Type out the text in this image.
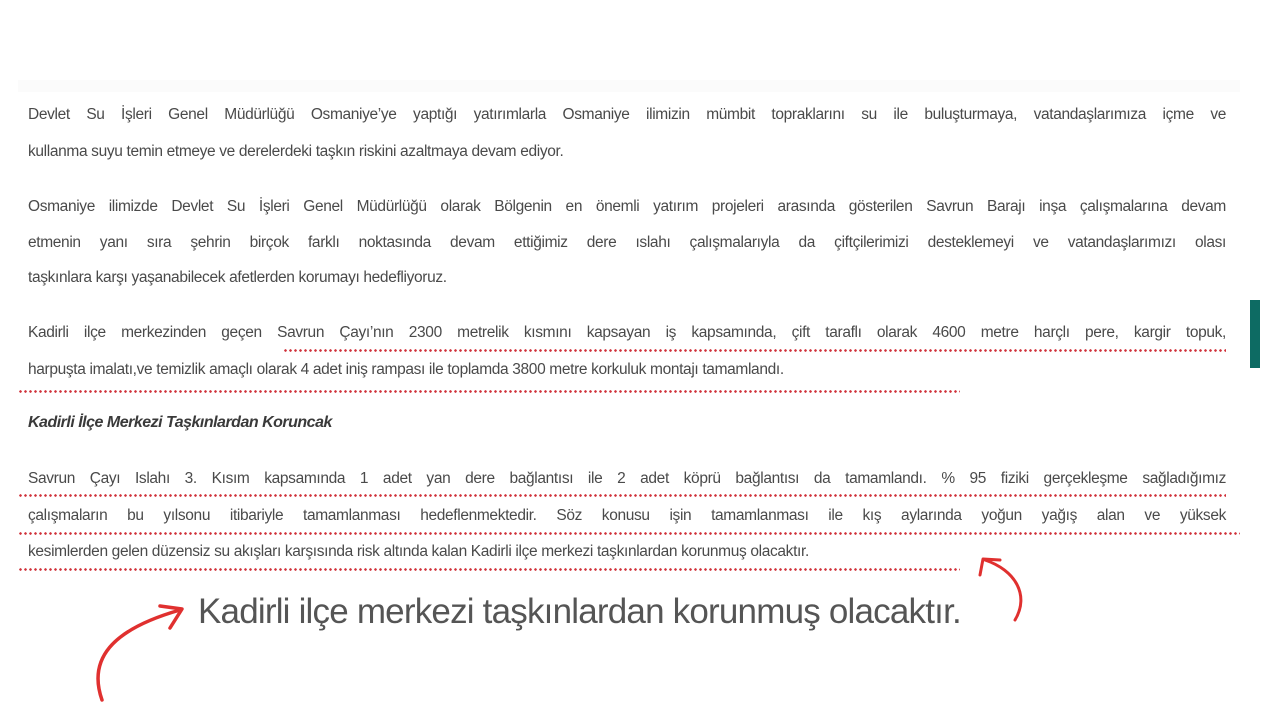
Devlet Su İşleri Genel Müdürlüğü Osmaniye’ye yaptığı yatırımlarla Osmaniye ilimizin mümbit topraklarını su ile buluşturmaya, vatandaşlarımıza içme ve
kullanma suyu temin etmeye ve derelerdeki taşkın riskini azaltmaya devam ediyor.
Osmaniye ilimizde Devlet Su İşleri Genel Müdürlüğü olarak Bölgenin en önemli yatırım projeleri arasında gösterilen Savrun Barajı inşa çalışmalarına devam
etmenin yanı sıra şehrin birçok farklı noktasında devam ettiğimiz dere ıslahı çalışmalarıyla da çiftçilerimizi desteklemeyi ve vatandaşlarımızı olası
taşkınlara karşı yaşanabilecek afetlerden korumayı hedefliyoruz.
Kadirli ilçe merkezinden geçen Savrun Çayı’nın 2300 metrelik kısmını kapsayan iş kapsamında, çift taraflı olarak 4600 metre harçlı pere, kargir topuk,
harpuşta imalatı,ve temizlik amaçlı olarak 4 adet iniş rampası ile toplamda 3800 metre korkuluk montajı tamamlandı.
Kadirli İlçe Merkezi Taşkınlardan Koruncak
Savrun Çayı Islahı 3. Kısım kapsamında 1 adet yan dere bağlantısı ile 2 adet köprü bağlantısı da tamamlandı. % 95 fiziki gerçekleşme sağladığımız
çalışmaların bu yılsonu itibariyle tamamlanması hedeflenmektedir. Söz konusu işin tamamlanması ile kış aylarında yoğun yağış alan ve yüksek
kesimlerden gelen düzensiz su akışları karşısında risk altında kalan Kadirli ilçe merkezi taşkınlardan korunmuş olacaktır.
Kadirli ilçe merkezi taşkınlardan korunmuş olacaktır.
